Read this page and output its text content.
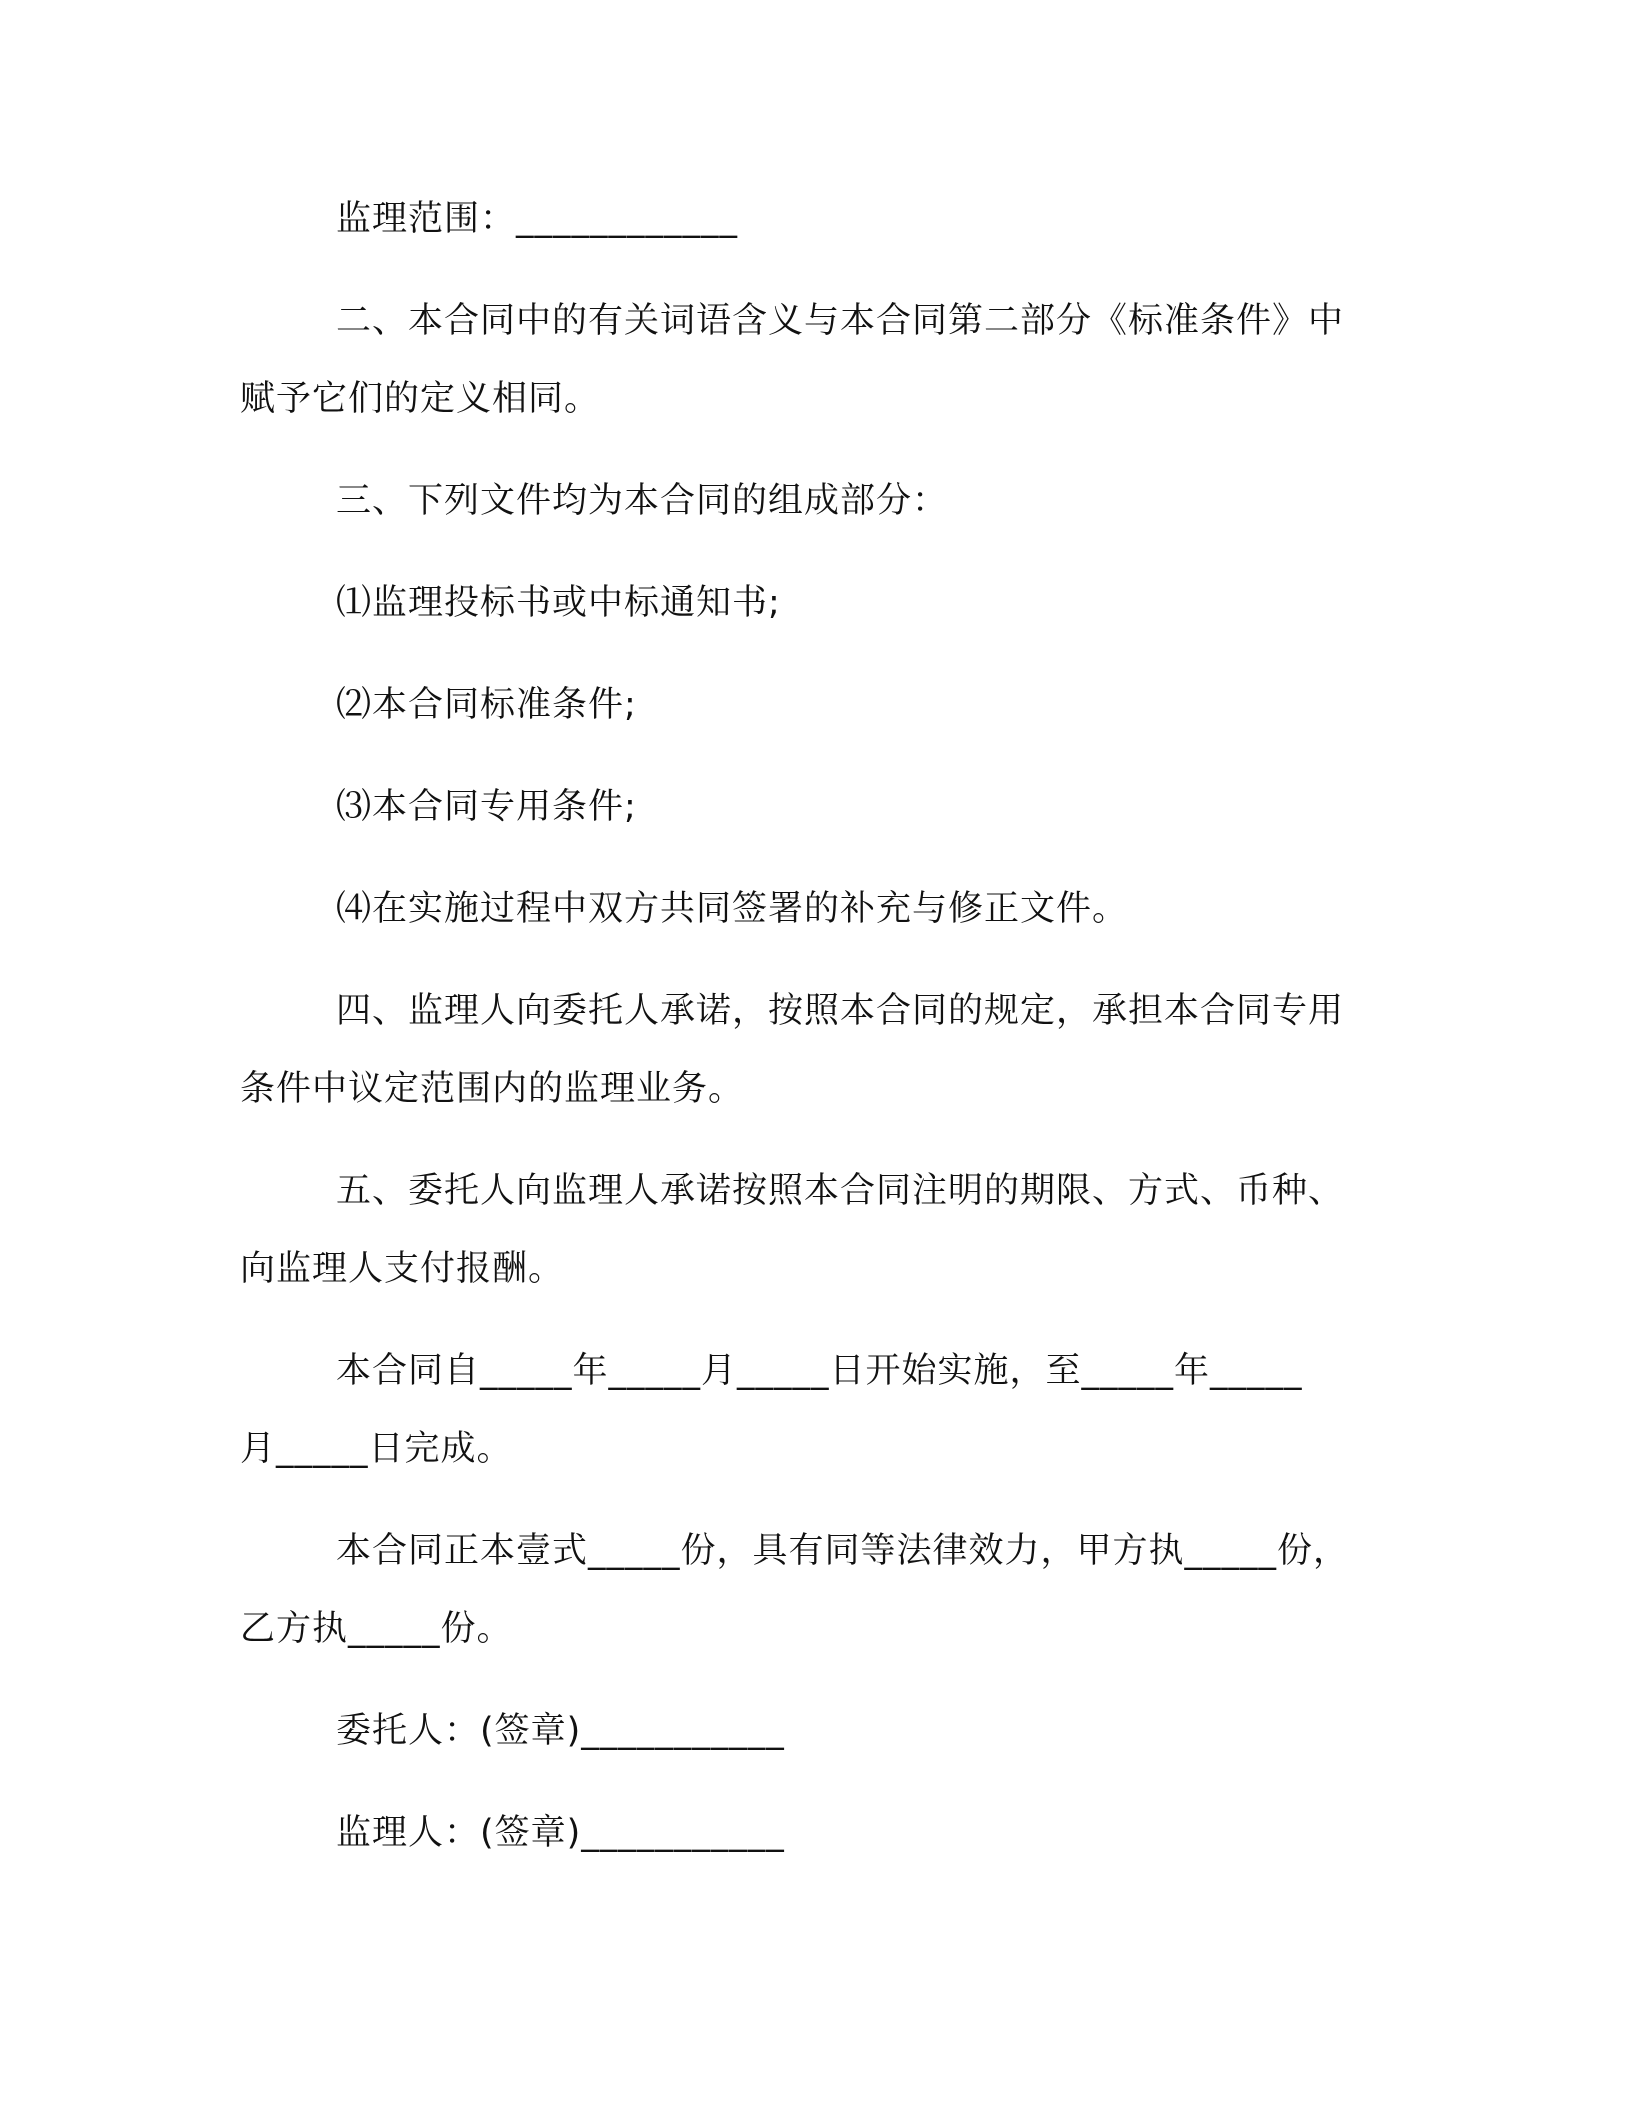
监理范围：____________

二、本合同中的有关词语含义与本合同第二部分《标准条件》中

赋予它们的定义相同。

三、下列文件均为本合同的组成部分：

⑴监理投标书或中标通知书;

⑵本合同标准条件;

⑶本合同专用条件;

⑷在实施过程中双方共同签署的补充与修正文件。

四、监理人向委托人承诺，按照本合同的规定，承担本合同专用

条件中议定范围内的监理业务。

五、委托人向监理人承诺按照本合同注明的期限、方式、币种、

向监理人支付报酬。

本合同自_____年_____月_____日开始实施，至_____年_____

月_____日完成。

本合同正本壹式_____份，具有同等法律效力，甲方执_____份，

乙方执_____份。

委托人：(签章)___________

监理人：(签章)___________
